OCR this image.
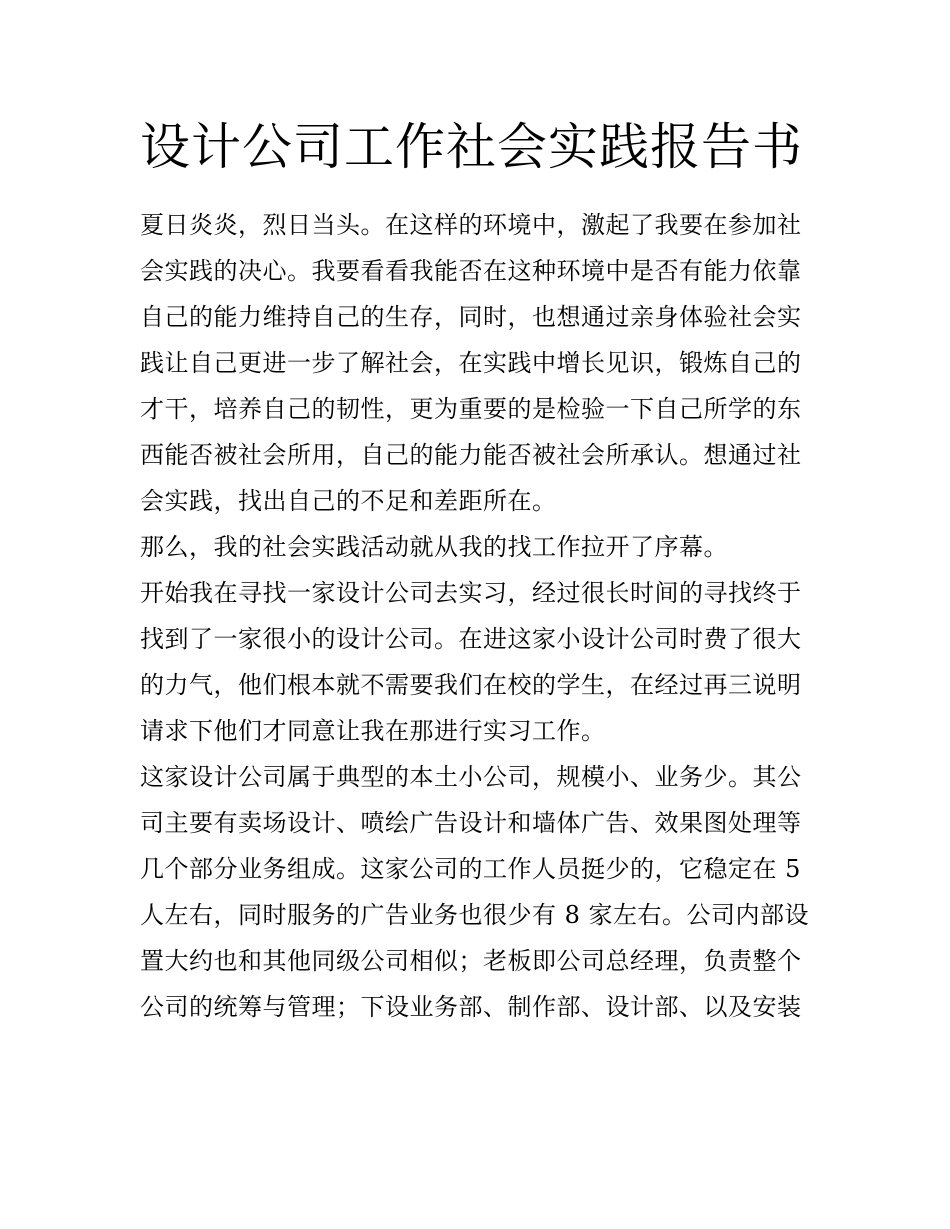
设计公司工作社会实践报告书
夏日炎炎，烈日当头。在这样的环境中，激起了我要在参加社
会实践的决心。我要看看我能否在这种环境中是否有能力依靠
自己的能力维持自己的生存，同时，也想通过亲身体验社会实
践让自己更进一步了解社会，在实践中增长见识，锻炼自己的
才干，培养自己的韧性，更为重要的是检验一下自己所学的东
西能否被社会所用，自己的能力能否被社会所承认。想通过社
会实践，找出自己的不足和差距所在。
那么，我的社会实践活动就从我的找工作拉开了序幕。
开始我在寻找一家设计公司去实习，经过很长时间的寻找终于
找到了一家很小的设计公司。在进这家小设计公司时费了很大
的力气，他们根本就不需要我们在校的学生，在经过再三说明
请求下他们才同意让我在那进行实习工作。
这家设计公司属于典型的本土小公司，规模小、业务少。其公
司主要有卖场设计、喷绘广告设计和墙体广告、效果图处理等
几个部分业务组成。这家公司的工作人员挺少的，它稳定在 5
人左右，同时服务的广告业务也很少有 8 家左右。公司内部设
置大约也和其他同级公司相似；老板即公司总经理，负责整个
公司的统筹与管理；下设业务部、制作部、设计部、以及安装
